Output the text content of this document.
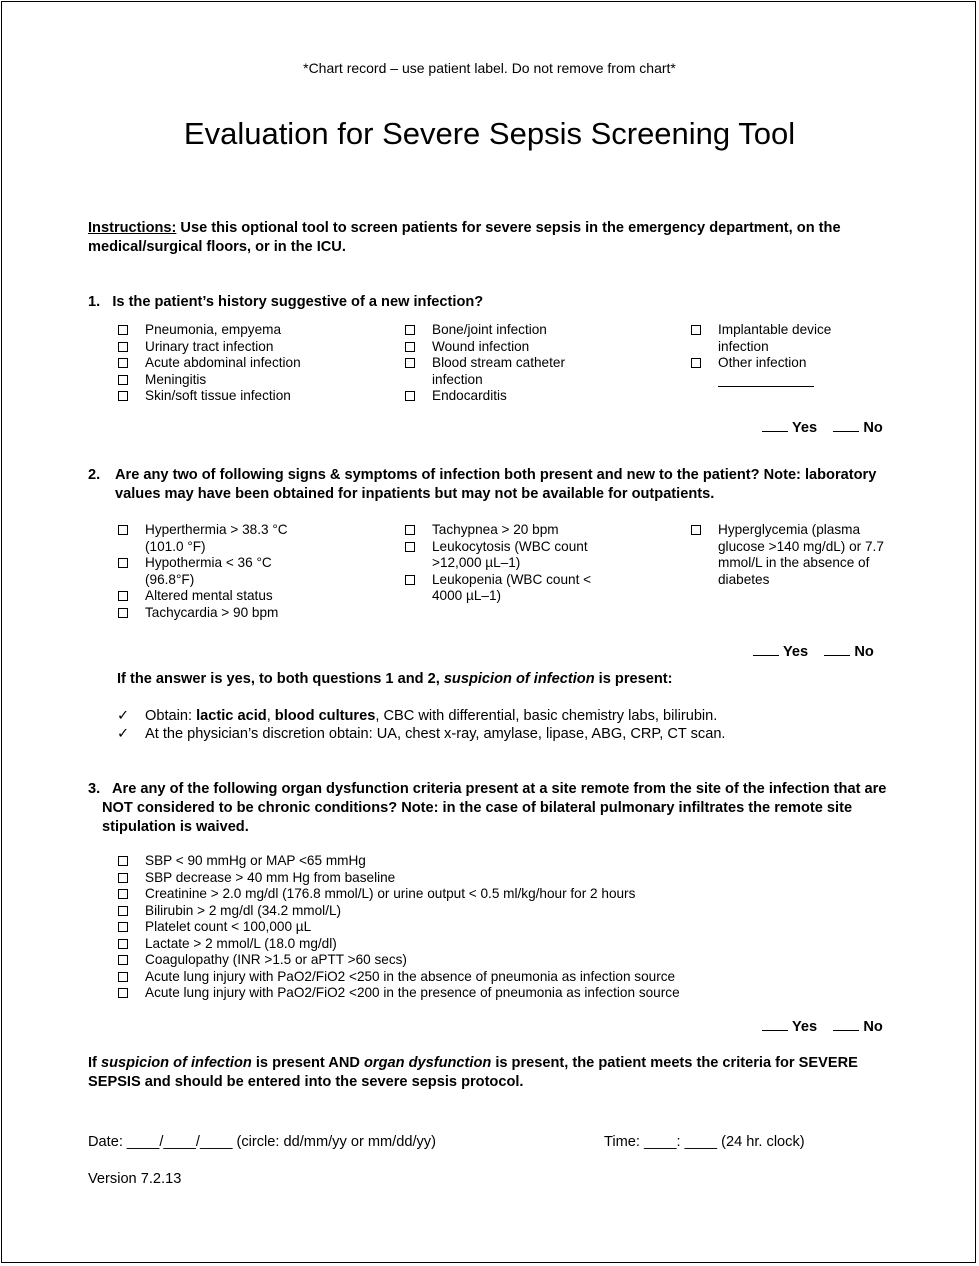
*Chart record – use patient label. Do not remove from chart*
Evaluation for Severe Sepsis Screening Tool
Instructions: Use this optional tool to screen patients for severe sepsis in the emergency department, on the medical/surgical floors, or in the ICU.
1. Is the patient’s history suggestive of a new infection?
Pneumonia, empyema
Urinary tract infection
Acute abdominal infection
Meningitis
Skin/soft tissue infection
Bone/joint infection
Wound infection
Blood stream catheter infection
Endocarditis
Implantable device infection
Other infection

Yes	No
2. Are any two of following signs & symptoms of infection both present and new to the patient? Note: laboratory values may have been obtained for inpatients but may not be available for outpatients.
Hyperthermia > 38.3 °C (101.0 °F)
Hypothermia < 36 °C (96.8°F)
Altered mental status
Tachycardia > 90 bpm
Tachypnea > 20 bpm
Leukocytosis (WBC count >12,000 µL–1)
Leukopenia (WBC count < 4000 µL–1)
Hyperglycemia (plasma glucose >140 mg/dL) or 7.7 mmol/L in the absence of diabetes
Yes	No
If the answer is yes, to both questions 1 and 2, suspicion of infection is present:
✓ Obtain: lactic acid, blood cultures, CBC with differential, basic chemistry labs, bilirubin.
✓ At the physician’s discretion obtain: UA, chest x-ray, amylase, lipase, ABG, CRP, CT scan.
3. Are any of the following organ dysfunction criteria present at a site remote from the site of the infection that are NOT considered to be chronic conditions? Note: in the case of bilateral pulmonary infiltrates the remote site stipulation is waived.
SBP < 90 mmHg or MAP <65 mmHg
SBP decrease > 40 mm Hg from baseline
Creatinine > 2.0 mg/dl (176.8 mmol/L) or urine output < 0.5 ml/kg/hour for 2 hours
Bilirubin > 2 mg/dl (34.2 mmol/L)
Platelet count < 100,000 µL
Lactate > 2 mmol/L (18.0 mg/dl)
Coagulopathy (INR >1.5 or aPTT >60 secs)
Acute lung injury with PaO2/FiO2 <250 in the absence of pneumonia as infection source
Acute lung injury with PaO2/FiO2 <200 in the presence of pneumonia as infection source
Yes	No
If suspicion of infection is present AND organ dysfunction is present, the patient meets the criteria for SEVERE SEPSIS and should be entered into the severe sepsis protocol.
Date: ____/____/____ (circle: dd/mm/yy or mm/dd/yy)	Time: ____: ____ (24 hr. clock)
Version 7.2.13
